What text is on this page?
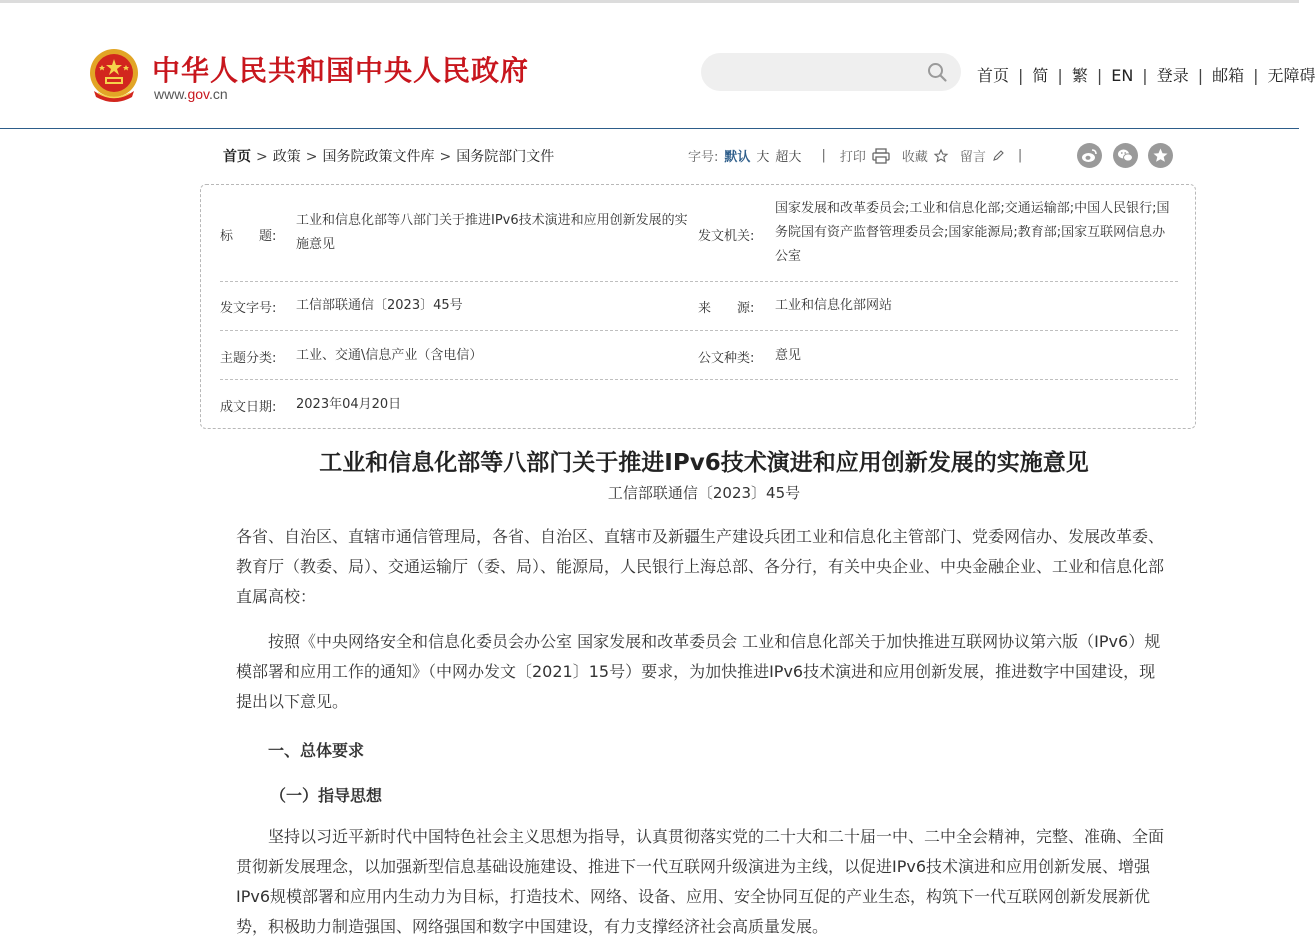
中华人民共和国中央人民政府
www.gov.cn
首页 | 简 | 繁 | EN | 登录 | 邮箱 | 无障碍
首页 > 政策 > 国务院政策文件库 > 国务院部门文件	字号: 默认 大 超大 | 打印	收藏 留言 |
标　　题:
工业和信息化部等八部门关于推进IPv6技术演进和应用创新发展的实施意见
发文机关:
国家发展和改革委员会;工业和信息化部;交通运输部;中国人民银行;国务院国有资产监督管理委员会;国家能源局;教育部;国家互联网信息办公室
发文字号: 工信部联通信〔2023〕45号	来　　源: 工业和信息化部网站
主题分类: 工业、交通\信息产业（含电信）	公文种类: 意见
成文日期: 2023年04月20日
工业和信息化部等八部门关于推进IPv6技术演进和应用创新发展的实施意见
工信部联通信〔2023〕45号
各省、自治区、直辖市通信管理局，各省、自治区、直辖市及新疆生产建设兵团工业和信息化主管部门、党委网信办、发展改革委、教育厅（教委、局）、交通运输厅（委、局）、能源局，人民银行上海总部、各分行，有关中央企业、中央金融企业、工业和信息化部直属高校：
按照《中央网络安全和信息化委员会办公室 国家发展和改革委员会 工业和信息化部关于加快推进互联网协议第六版（IPv6）规模部署和应用工作的通知》（中网办发文〔2021〕15号）要求，为加快推进IPv6技术演进和应用创新发展，推进数字中国建设，现提出以下意见。
一、总体要求
（一）指导思想
坚持以习近平新时代中国特色社会主义思想为指导，认真贯彻落实党的二十大和二十届一中、二中全会精神，完整、准确、全面贯彻新发展理念，以加强新型信息基础设施建设、推进下一代互联网升级演进为主线，以促进IPv6技术演进和应用创新发展、增强IPv6规模部署和应用内生动力为目标，打造技术、网络、设备、应用、安全协同互促的产业生态，构筑下一代互联网创新发展新优势，积极助力制造强国、网络强国和数字中国建设，有力支撑经济社会高质量发展。
